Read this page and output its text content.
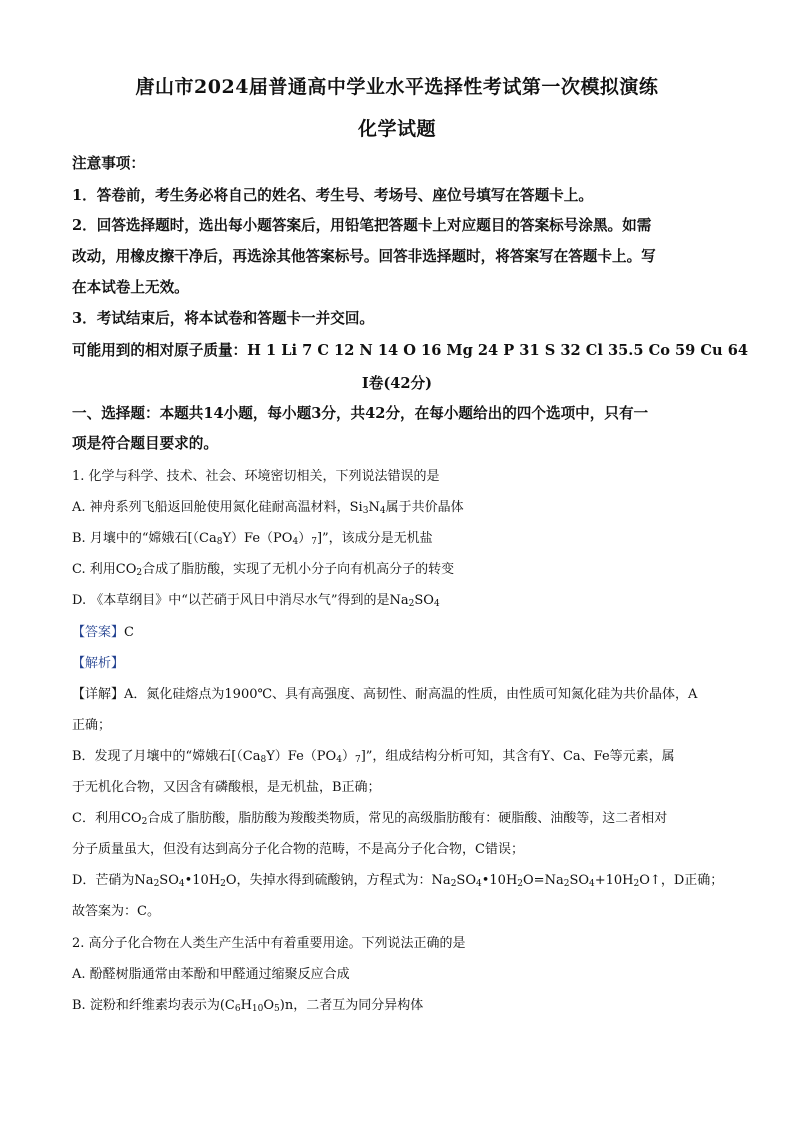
唐山市2024届普通高中学业水平选择性考试第一次模拟演练
化学试题
注意事项：
1．答卷前，考生务必将自己的姓名、考生号、考场号、座位号填写在答题卡上。
2．回答选择题时，选出每小题答案后，用铅笔把答题卡上对应题目的答案标号涂黑。如需
改动，用橡皮擦干净后，再选涂其他答案标号。回答非选择题时，将答案写在答题卡上。写
在本试卷上无效。
3．考试结束后，将本试卷和答题卡一并交回。
可能用到的相对原子质量：H 1 Li 7 C 12 N 14 O 16 Mg 24 P 31 S 32 Cl 35.5 Co 59 Cu 64
Ⅰ卷(42分)
一、选择题：本题共14小题，每小题3分，共42分，在每小题给出的四个选项中，只有一
项是符合题目要求的。
1. 化学与科学、技术、社会、环境密切相关，下列说法错误的是
A. 神舟系列飞船返回舱使用氮化硅耐高温材料，$Si_3N_4$属于共价晶体
B. 月壤中的“嫦娥石$[(Ca_8Y)Fe(PO_4)_7]$”，该成分是无机盐
C. 利用$CO_2$合成了脂肪酸，实现了无机小分子向有机高分子的转变
D. 《本草纲目》中“以芒硝于风日中消尽水气”得到的是$Na_2SO_4$
【答案】C
【解析】
【详解】A．氮化硅熔点为1900℃、具有高强度、高韧性、耐高温的性质，由性质可知氮化硅为共价晶体，A
正确；
B．发现了月壤中的“嫦娥石$[(Ca_8Y)Fe(PO_4)_7]$”，组成结构分析可知，其含有Y、Ca、Fe等元素，属
于无机化合物，又因含有磷酸根，是无机盐，B正确；
C．利用$CO_2$合成了脂肪酸，脂肪酸为羧酸类物质，常见的高级脂肪酸有：硬脂酸、油酸等，这二者相对
分子质量虽大，但没有达到高分子化合物的范畴，不是高分子化合物，C错误；
D．芒硝为$Na_2SO_4•10H_2O$，失掉水得到硫酸钠，方程式为：$Na_2SO_4•10H_2O=Na_2SO_4+10H_2O↑$，D正确；
故答案为：C。
2. 高分子化合物在人类生产生活中有着重要用途。下列说法正确的是
A. 酚醛树脂通常由苯酚和甲醛通过缩聚反应合成
B. 淀粉和纤维素均表示为$(C_6H_{10}O_5)n$，二者互为同分异构体
